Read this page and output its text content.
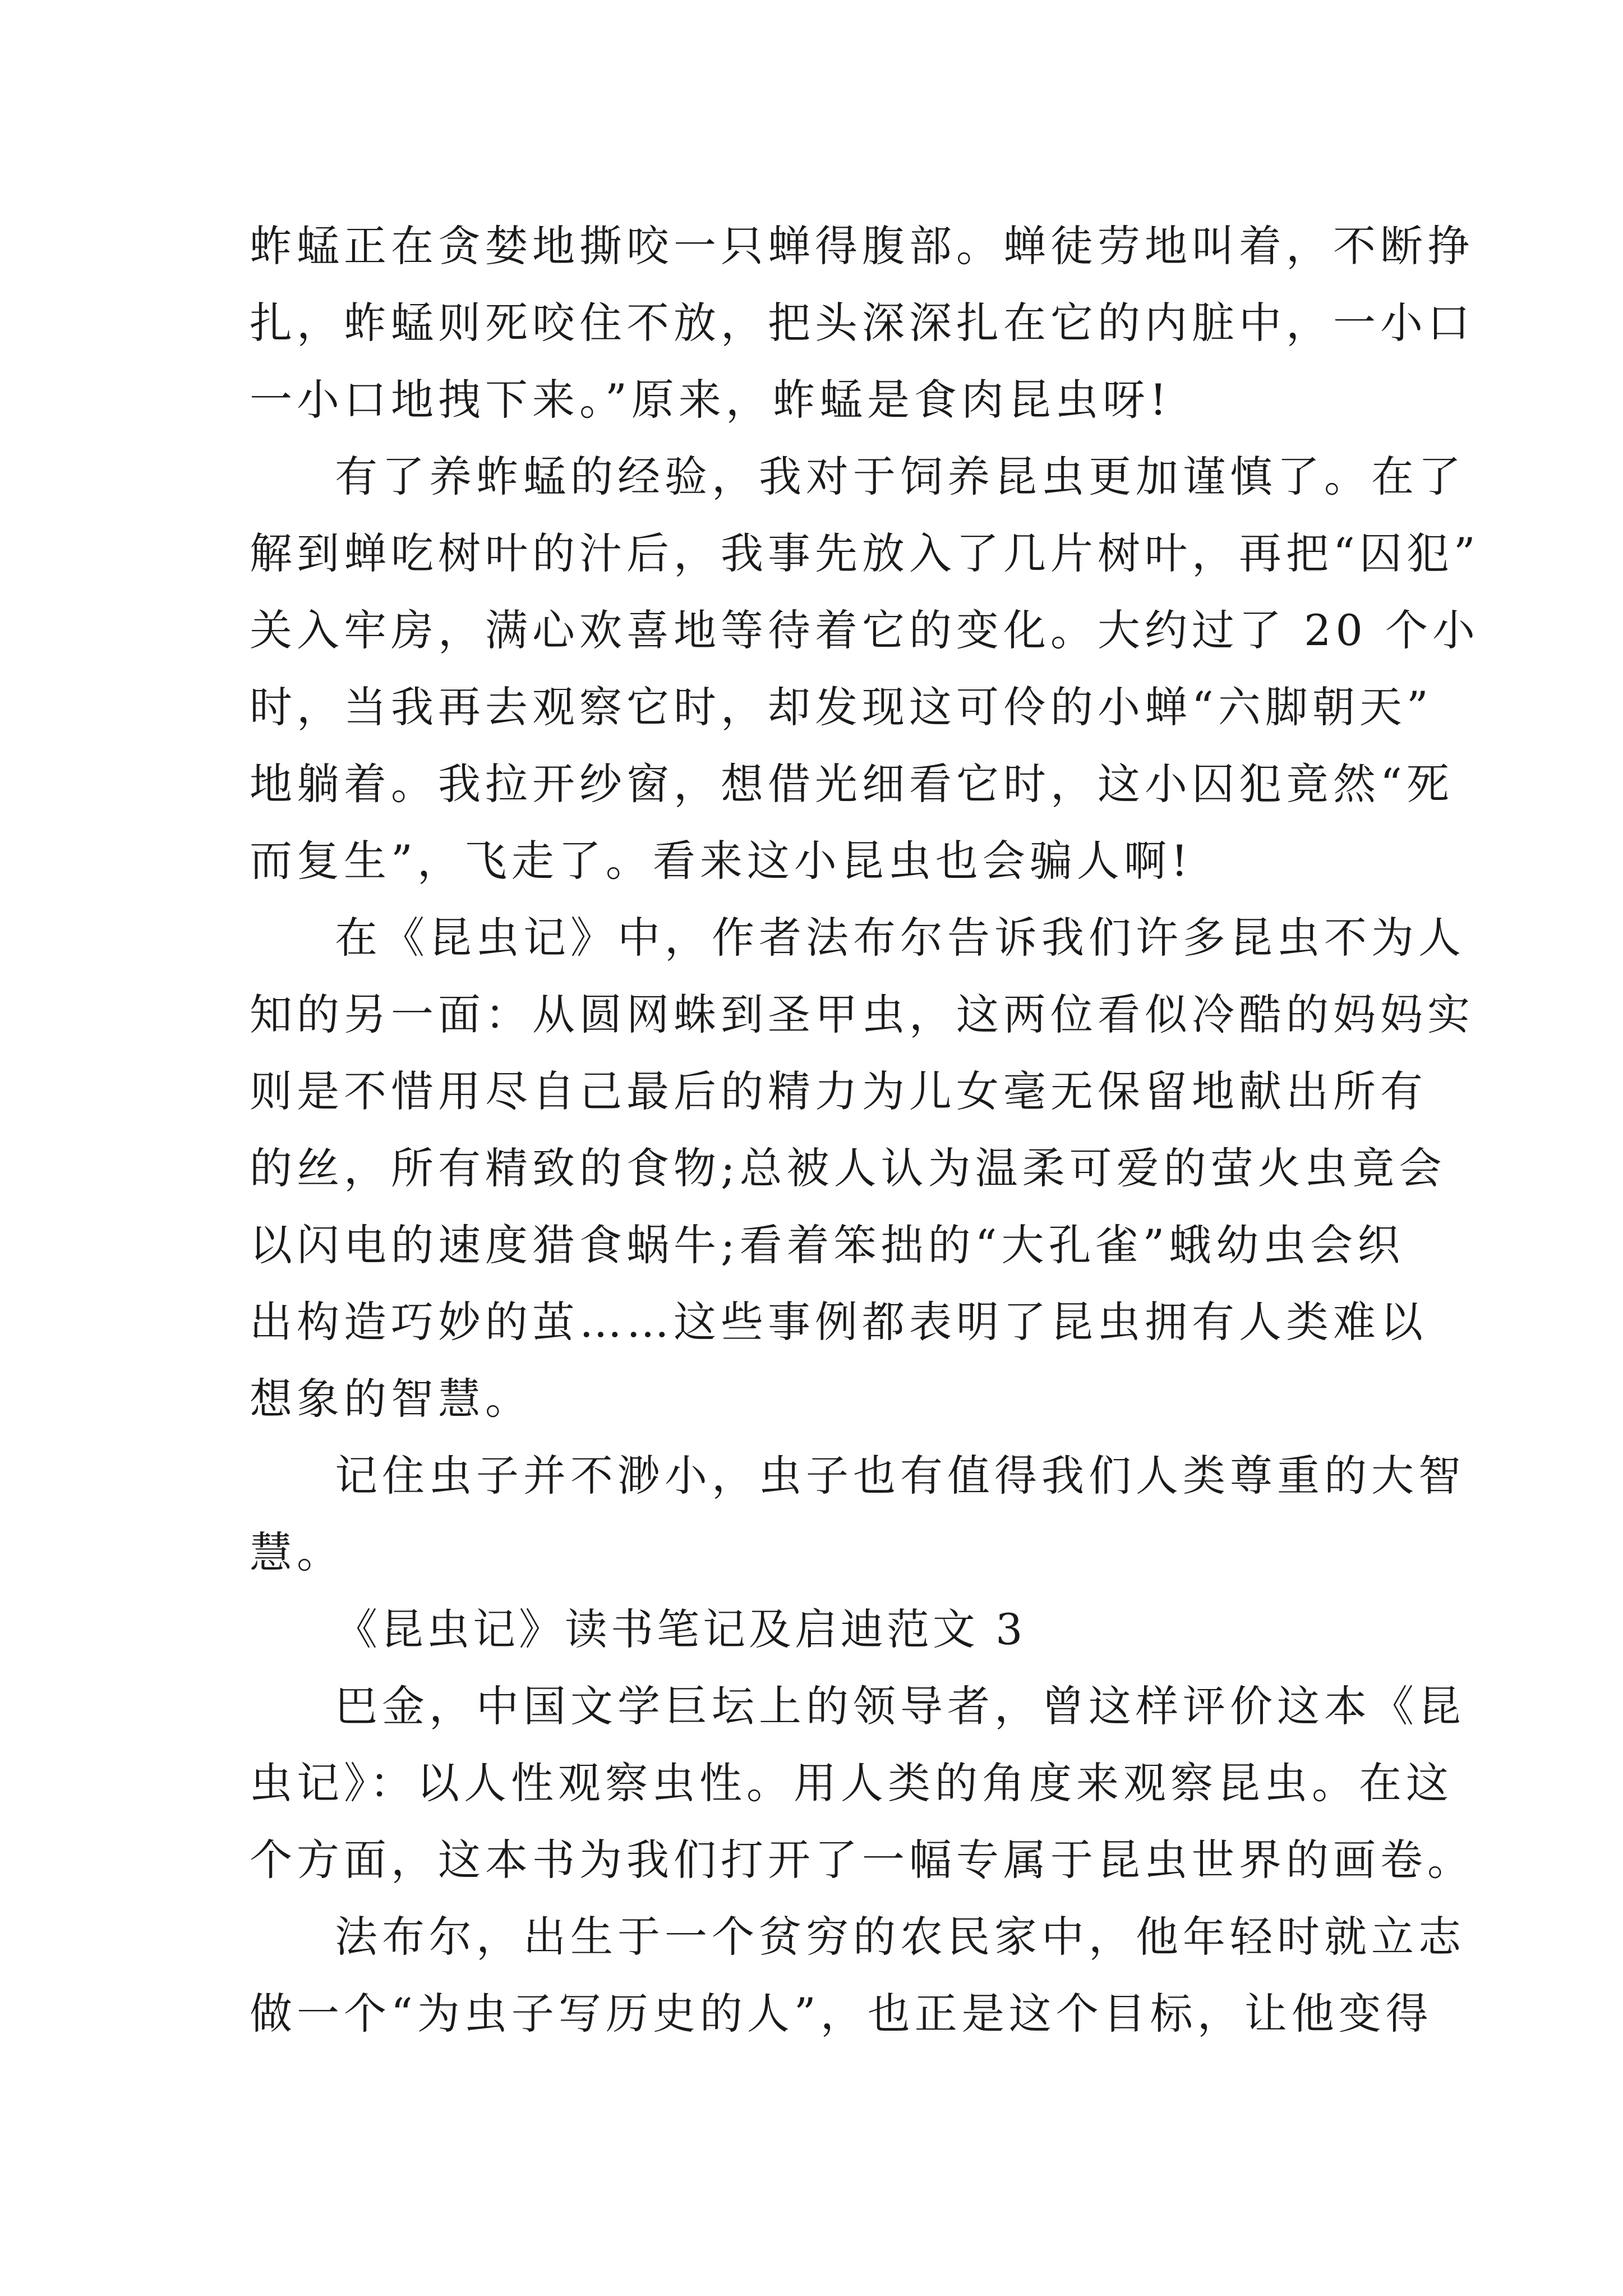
蚱蜢正在贪婪地撕咬一只蝉得腹部。蝉徒劳地叫着，不断挣
扎，蚱蜢则死咬住不放，把头深深扎在它的内脏中，一小口
一小口地拽下来。”原来，蚱蜢是食肉昆虫呀!
有了养蚱蜢的经验，我对于饲养昆虫更加谨慎了。在了
解到蝉吃树叶的汁后，我事先放入了几片树叶，再把“囚犯”
关入牢房，满心欢喜地等待着它的变化。大约过了 20 个小
时，当我再去观察它时，却发现这可伶的小蝉“六脚朝天”
地躺着。我拉开纱窗，想借光细看它时，这小囚犯竟然“死
而复生”，飞走了。看来这小昆虫也会骗人啊!
在《昆虫记》中，作者法布尔告诉我们许多昆虫不为人
知的另一面：从圆网蛛到圣甲虫，这两位看似冷酷的妈妈实
则是不惜用尽自己最后的精力为儿女毫无保留地献出所有
的丝，所有精致的食物;总被人认为温柔可爱的萤火虫竟会
以闪电的速度猎食蜗牛;看着笨拙的“大孔雀”蛾幼虫会织
出构造巧妙的茧……这些事例都表明了昆虫拥有人类难以
想象的智慧。
记住虫子并不渺小，虫子也有值得我们人类尊重的大智
慧。
《昆虫记》读书笔记及启迪范文 3
巴金，中国文学巨坛上的领导者，曾这样评价这本《昆
虫记》：以人性观察虫性。用人类的角度来观察昆虫。在这
个方面，这本书为我们打开了一幅专属于昆虫世界的画卷。
法布尔，出生于一个贫穷的农民家中，他年轻时就立志
做一个“为虫子写历史的人”，也正是这个目标，让他变得
